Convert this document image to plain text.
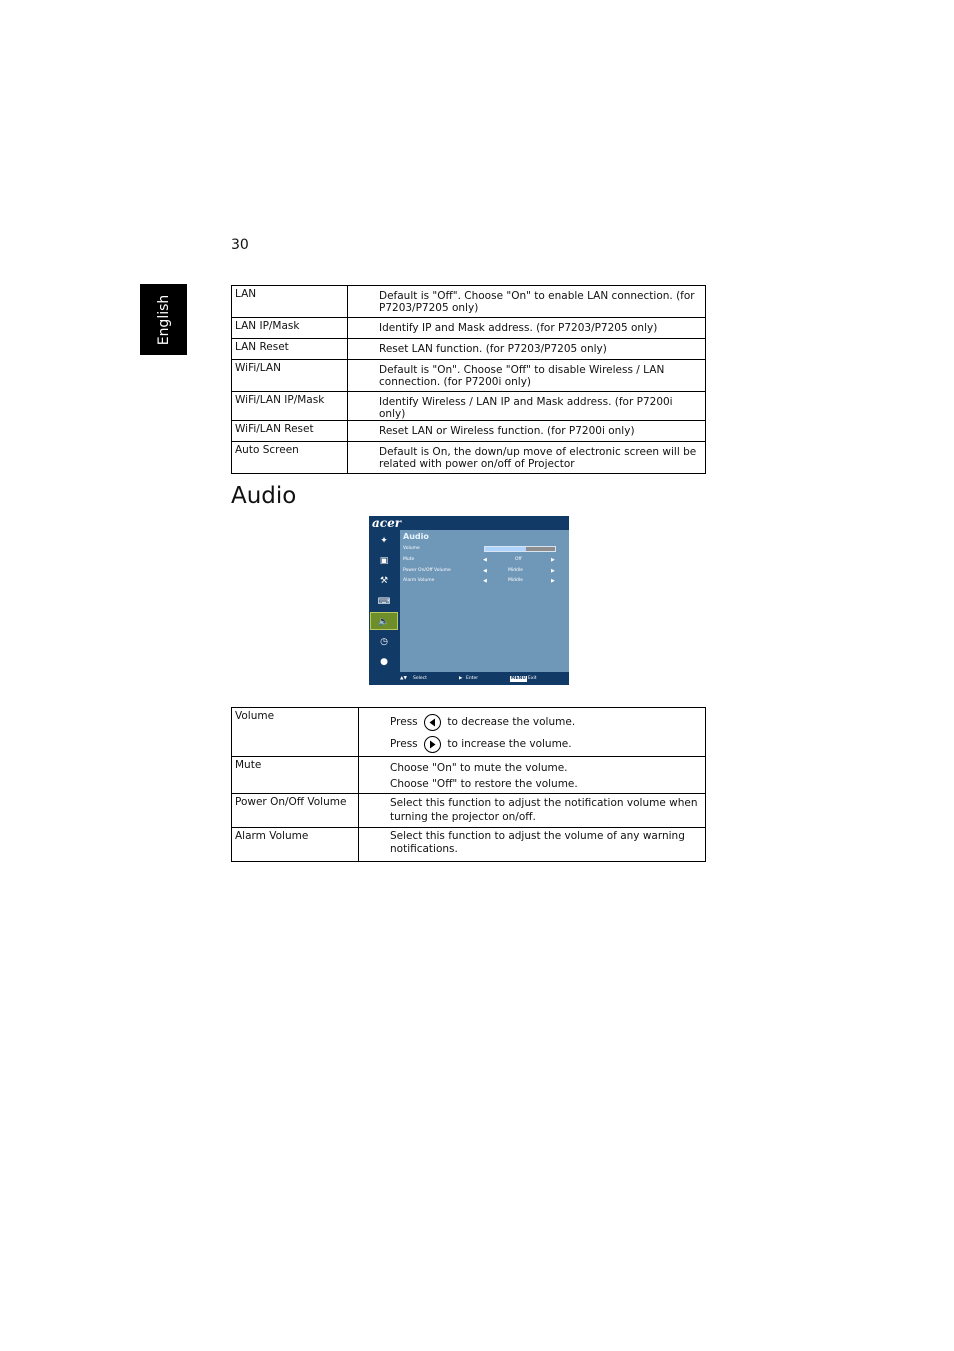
30
English
LAN	Default is "Off". Choose "On" to enable LAN connection. (for P7203/P7205 only)
LAN IP/Mask	Identify IP and Mask address. (for P7203/P7205 only)
LAN Reset	Reset LAN function. (for P7203/P7205 only)
WiFi/LAN	Default is "On". Choose "Off" to disable Wireless / LAN connection. (for P7200i only)
WiFi/LAN IP/Mask	Identify Wireless / LAN IP and Mask address. (for P7200i only)
WiFi/LAN Reset	Reset LAN or Wireless function. (for P7200i only)
Auto Screen	Default is On, the down/up move of electronic screen will be related with power on/off of Projector
Audio
acer
✦
▣
⚒
⌨
🔈
◷
●
Audio
Volume
Mute	◀	Off	▶
Power On/Off Volume	◀	Middle	▶
Alarm Volume	◀	Middle	▶
▲▼ Select	▶ Enter	MENU Exit
Volume	Press to decrease the volume.
Press to increase the volume.

Mute	Choose "On" to mute the volume.
Choose "Off" to restore the volume.

Power On/Off Volume	Select this function to adjust the notification volume when turning the projector on/off.
Alarm Volume	Select this function to adjust the volume of any warning notifications.
